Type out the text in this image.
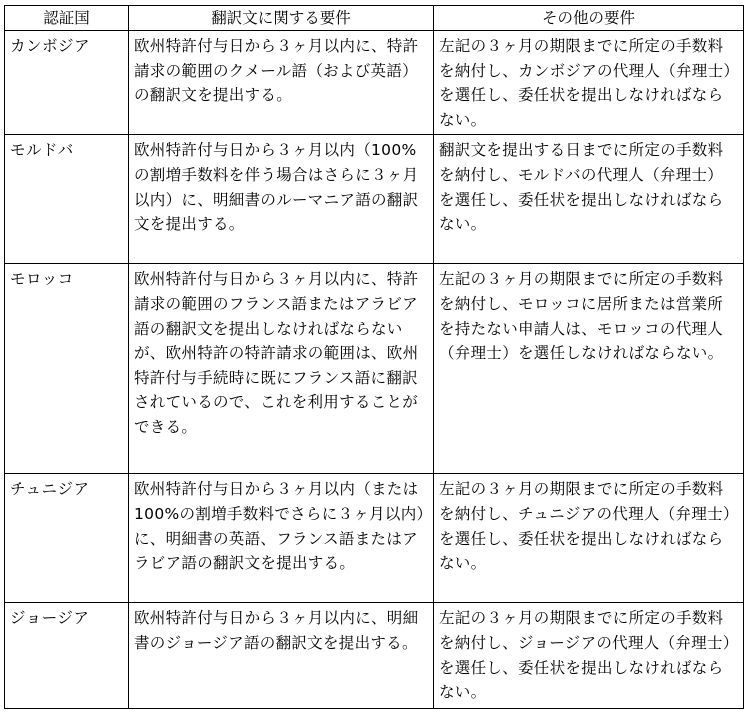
認証国	翻訳文に関する要件	その他の要件
カンボジア	欧州特許付与日から３ヶ月以内に、特許請求の範囲のクメール語（および英語）の翻訳文を提出する。	左記の３ヶ月の期限までに所定の手数料を納付し、カンボジアの代理人（弁理士）を選任し、委任状を提出しなければならない。
モルドバ	欧州特許付与日から３ヶ月以内（100%の割増手数料を伴う場合はさらに３ヶ月以内）に、明細書のルーマニア語の翻訳文を提出する。	翻訳文を提出する日までに所定の手数料を納付し、モルドバの代理人（弁理士）を選任し、委任状を提出しなければならない。
モロッコ	欧州特許付与日から３ヶ月以内に、特許請求の範囲のフランス語またはアラビア語の翻訳文を提出しなければならないが、欧州特許の特許請求の範囲は、欧州特許付与手続時に既にフランス語に翻訳されているので、これを利用することができる。	左記の３ヶ月の期限までに所定の手数料を納付し、モロッコに居所または営業所を持たない申請人は、モロッコの代理人（弁理士）を選任しなければならない。
チュニジア	欧州特許付与日から３ヶ月以内（または 100%の割増手数料でさらに３ヶ月以内）に、明細書の英語、フランス語またはアラビア語の翻訳文を提出する。	左記の３ヶ月の期限までに所定の手数料を納付し、チュニジアの代理人（弁理士）を選任し、委任状を提出しなければならない。
ジョージア	欧州特許付与日から３ヶ月以内に、明細書のジョージア語の翻訳文を提出する。	左記の３ヶ月の期限までに所定の手数料を納付し、ジョージアの代理人（弁理士）を選任し、委任状を提出しなければならない。
